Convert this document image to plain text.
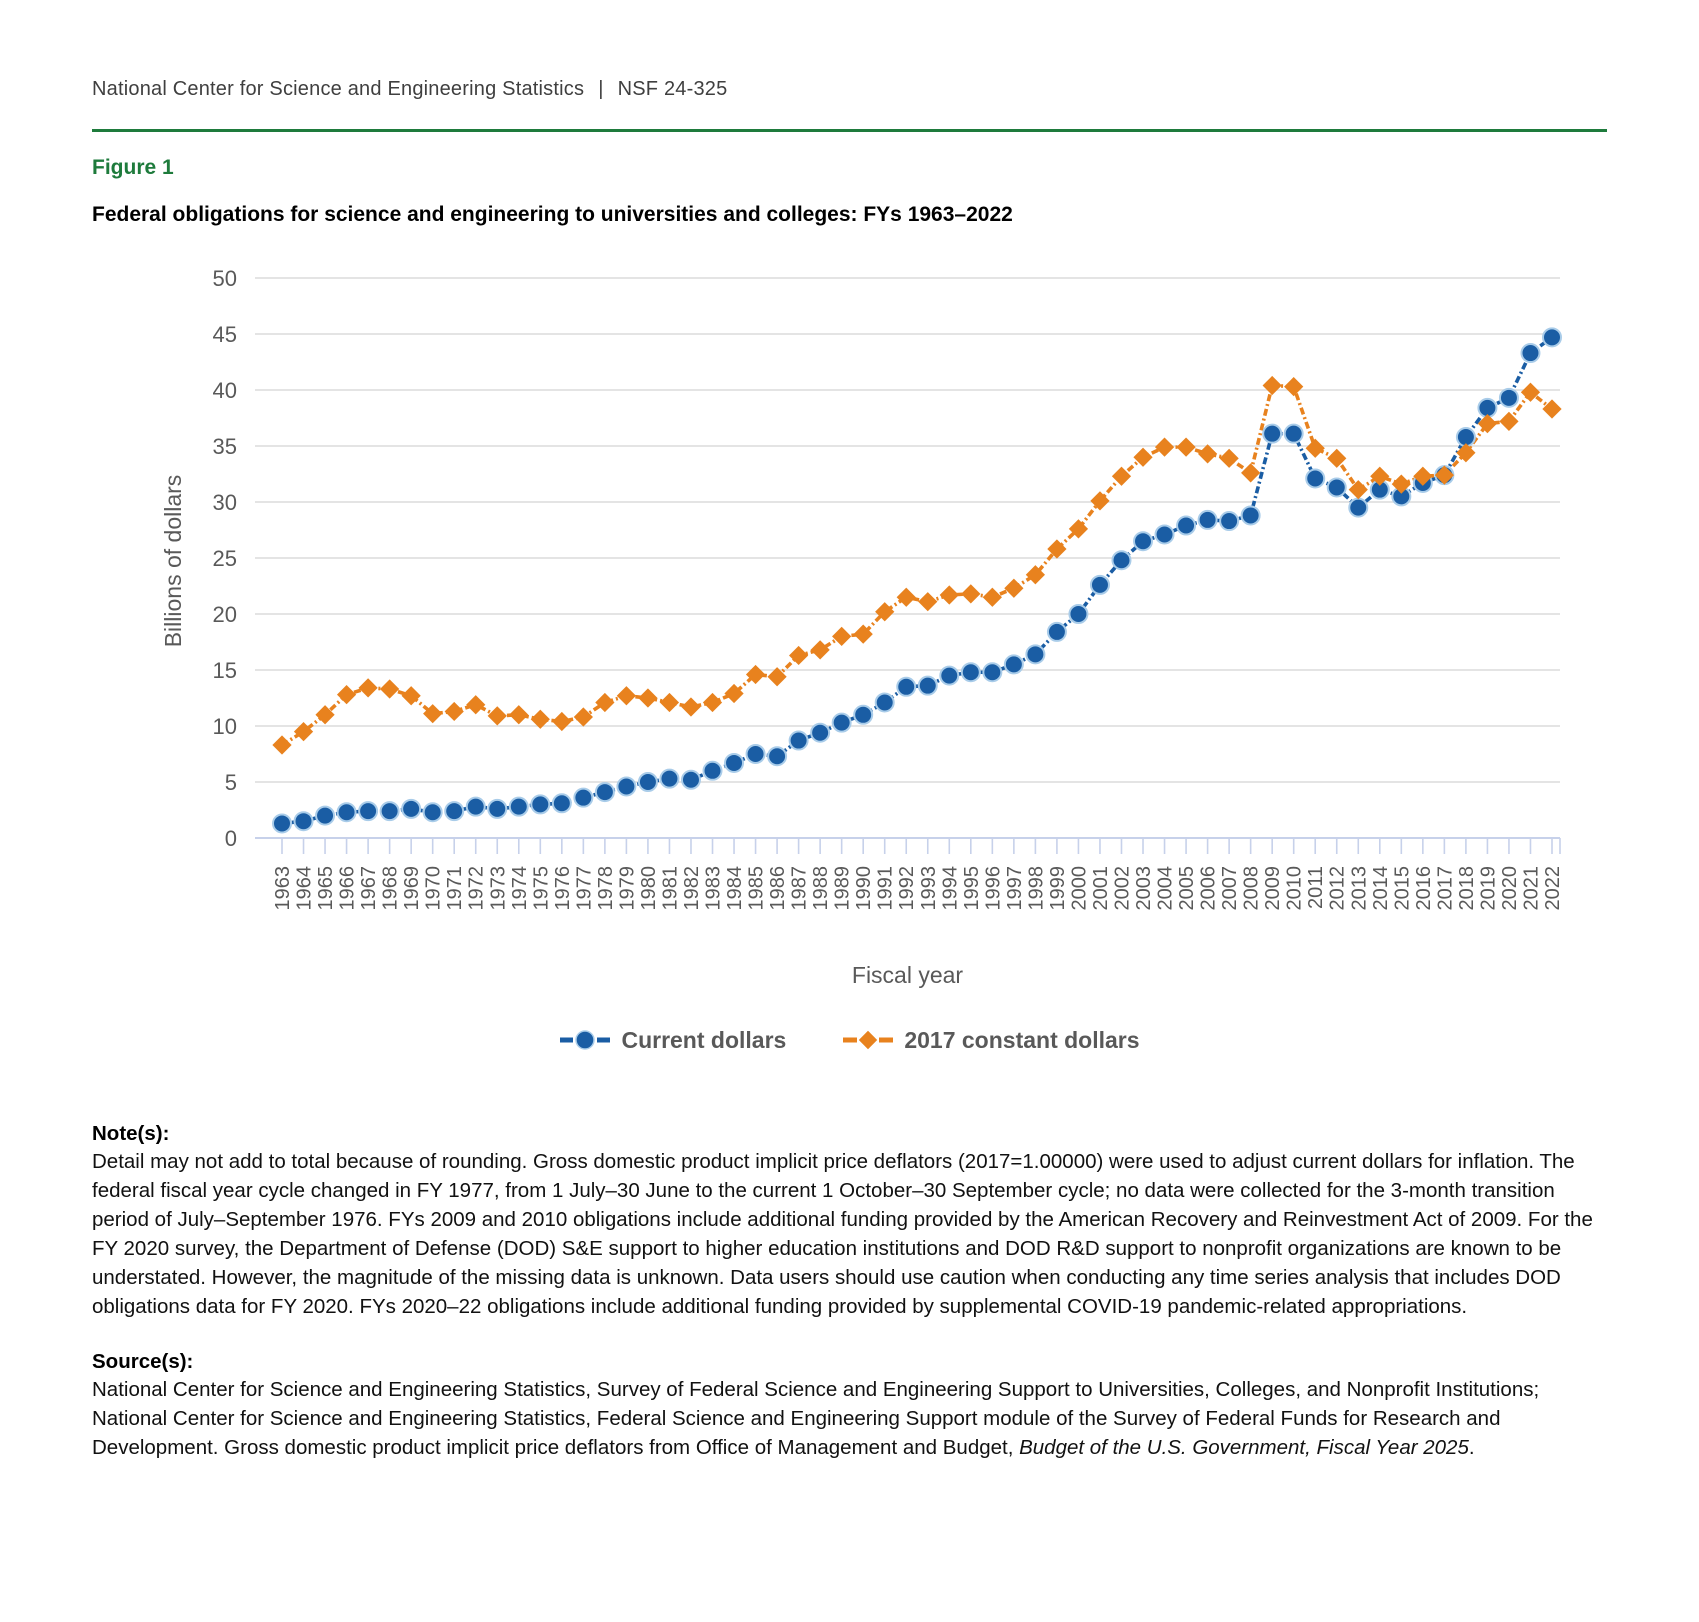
National Center for Science and Engineering Statistics | NSF 24-325
Figure 1
Federal obligations for science and engineering to universities and colleges: FYs 1963–2022
0
5
10
15
20
25
30
35
40
45
50
Billions of dollars
1963 1964 1965 1966 1967 1968 1969 1970 1971 1972 1973 1974 1975 1976 1977 1978 1979 1980 1981 1982 1983 1984 1985 1986 1987 1988 1989 1990 1991 1992 1993 1994 1995 1996 1997 1998 1999 2000 2001 2002 2003 2004 2005 2006 2007 2008 2009 2010 2011 2012 2013 2014 2015 2016 2017 2018 2019 2020 2021 2022
Fiscal year
Current dollars	2017 constant dollars
Note(s):
Detail may not add to total because of rounding. Gross domestic product implicit price deflators (2017=1.00000) were used to adjust current dollars for inflation. The federal fiscal year cycle changed in FY 1977, from 1 July–30 June to the current 1 October–30 September cycle; no data were collected for the 3-month transition period of July–September 1976. FYs 2009 and 2010 obligations include additional funding provided by the American Recovery and Reinvestment Act of 2009. For the FY 2020 survey, the Department of Defense (DOD) S&E support to higher education institutions and DOD R&D support to nonprofit organizations are known to be understated. However, the magnitude of the missing data is unknown. Data users should use caution when conducting any time series analysis that includes DOD obligations data for FY 2020. FYs 2020–22 obligations include additional funding provided by supplemental COVID-19 pandemic-related appropriations.
Source(s):
National Center for Science and Engineering Statistics, Survey of Federal Science and Engineering Support to Universities, Colleges, and Nonprofit Institutions; National Center for Science and Engineering Statistics, Federal Science and Engineering Support module of the Survey of Federal Funds for Research and Development. Gross domestic product implicit price deflators from Office of Management and Budget, Budget of the U.S. Government, Fiscal Year 2025.
